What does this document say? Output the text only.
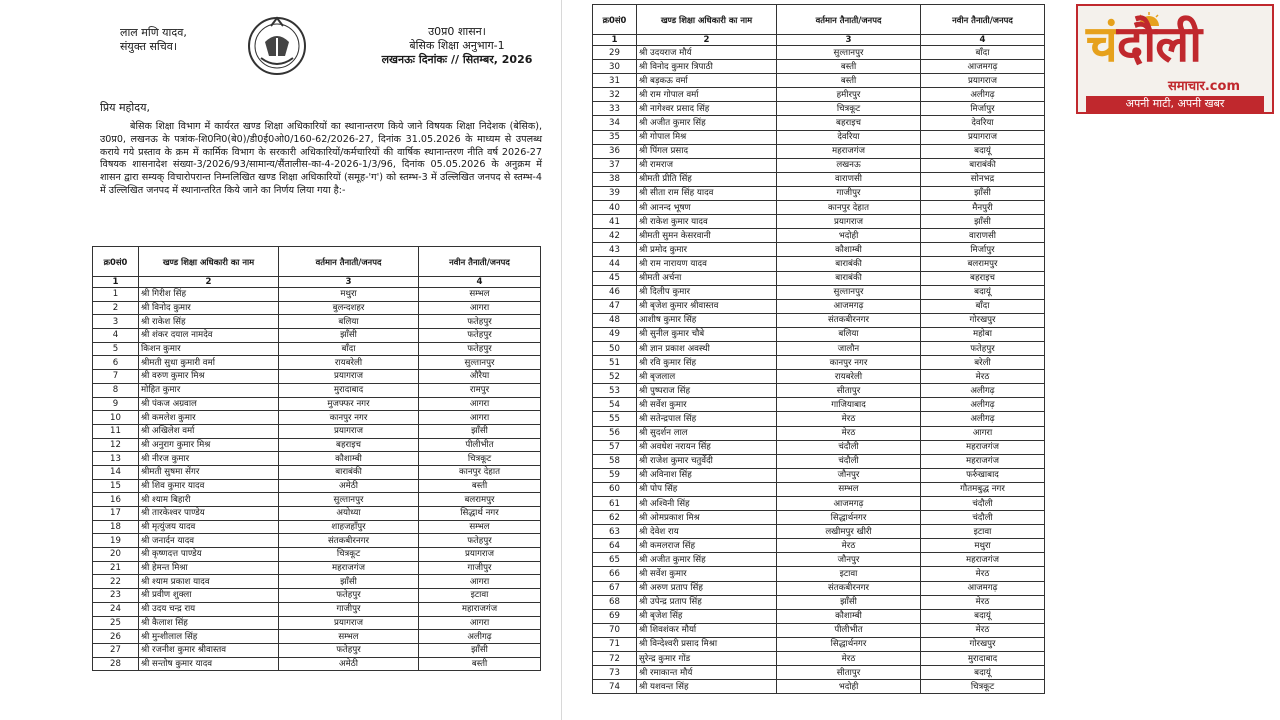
लाल मणि यादव,
संयुक्त सचिव।
उ0प्र0 शासन।
बेसिक शिक्षा अनुभाग-1
लखनऊः दिनांकः // सितम्बर, 2026
प्रिय महोदय,
बेसिक शिक्षा विभाग में कार्यरत खण्ड शिक्षा अधिकारियों का स्थानान्तरण किये जाने विषयक शिक्षा निदेशक (बेसिक), उ0प्र0, लखनऊ के पत्रांक-शि0नि0(बे0)/डी0ई0ओ0/160-62/2026-27, दिनांक 31.05.2026 के माध्यम से उपलब्ध कराये गये प्रस्ताव के क्रम में कार्मिक विभाग के सरकारी अधिकारियों/कर्मचारियों की वार्षिक स्थानान्तरण नीति वर्ष 2026-27 विषयक शासनादेश संख्या-3/2026/93/सामान्य/सैंतालीस-का-4-2026-1/3/96, दिनांक 05.05.2026 के अनुक्रम में शासन द्वारा सम्यक् विचारोपरान्त निम्नलिखित खण्ड शिक्षा अधिकारियों (समूह-'ग') को स्तम्भ-3 में उल्लिखित जनपद से स्तम्भ-4 में उल्लिखित जनपद में स्थानान्तरित किये जाने का निर्णय लिया गया है:-
क्र0सं0	खण्ड शिक्षा अधिकारी का नाम	वर्तमान तैनाती/जनपद	नवीन तैनाती/जनपद
1	2	3	4
1	श्री गिरीश सिंह	मथुरा	सम्भल
2	श्री विनोद कुमार	बुलन्दशहर	आगरा
3	श्री राकेश सिंह	बलिया	फतेहपुर
4	श्री शंकर दयाल नामदेव	झाँसी	फतेहपुर
5	किशन कुमार	बाँदा	फतेहपुर
6	श्रीमती सुधा कुमारी वर्मा	रायबरेली	सुल्तानपुर
7	श्री वरुण कुमार मिश्र	प्रयागराज	औरैया
8	मोहित कुमार	मुरादाबाद	रामपुर
9	श्री पंकज अग्रवाल	मुजफ्फर नगर	आगरा
10	श्री कमलेश कुमार	कानपुर नगर	आगरा
11	श्री अखिलेश वर्मा	प्रयागराज	झाँसी
12	श्री अनुराग कुमार मिश्र	बहराइच	पीलीभीत
13	श्री नीरज कुमार	कौशाम्बी	चित्रकूट
14	श्रीमती सुषमा सेंगर	बाराबंकी	कानपुर देहात
15	श्री शिव कुमार यादव	अमेठी	बस्ती
16	श्री श्याम बिहारी	सुल्तानपुर	बलरामपुर
17	श्री तारकेश्वर पाण्डेय	अयोध्या	सिद्धार्थ नगर
18	श्री मृत्युंजय यादव	शाहजहाँपुर	सम्भल
19	श्री जनार्दन यादव	संतकबीरनगर	फतेहपुर
20	श्री कृष्णदत्त पाण्डेय	चित्रकूट	प्रयागराज
21	श्री हेमन्त मिश्रा	महराजगंज	गाजीपुर
22	श्री श्याम प्रकाश यादव	झाँसी	आगरा
23	श्री प्रवीण शुक्ला	फतेहपुर	इटावा
24	श्री उदय चन्द्र राय	गाजीपुर	महाराजगंज
25	श्री कैलाश सिंह	प्रयागराज	आगरा
26	श्री मुन्शीलाल सिंह	सम्भल	अलीगढ़
27	श्री रजनीश कुमार श्रीवास्तव	फतेहपुर	झाँसी
28	श्री सन्तोष कुमार यादव	अमेठी	बस्ती
क्र0सं0	खण्ड शिक्षा अधिकारी का नाम	वर्तमान तैनाती/जनपद	नवीन तैनाती/जनपद
1	2	3	4
29	श्री उदयराज मौर्य	सुल्तानपुर	बाँदा
30	श्री विनोद कुमार त्रिपाठी	बस्ती	आजमगढ़
31	श्री बड़कऊ वर्मा	बस्ती	प्रयागराज
32	श्री राम गोपाल वर्मा	हमीरपुर	अलीगढ़
33	श्री नागेश्वर प्रसाद सिंह	चित्रकूट	मिर्जापुर
34	श्री अजीत कुमार सिंह	बहराइच	देवरिया
35	श्री गोपाल मिश्र	देवरिया	प्रयागराज
36	श्री पिंगल प्रसाद	महराजगंज	बदायूं
37	श्री रामराज	लखनऊ	बाराबंकी
38	श्रीमती प्रीति सिंह	वाराणसी	सोनभद्र
39	श्री सीता राम सिंह यादव	गाजीपुर	झाँसी
40	श्री आनन्द भूषण	कानपुर देहात	मैनपुरी
41	श्री राकेश कुमार यादव	प्रयागराज	झाँसी
42	श्रीमती सुमन केसरवानी	भदोही	वाराणसी
43	श्री प्रमोद कुमार	कौशाम्बी	मिर्जापुर
44	श्री राम नारायण यादव	बाराबंकी	बलरामपुर
45	श्रीमती अर्चना	बाराबंकी	बहराइच
46	श्री दिलीप कुमार	सुल्तानपुर	बदायूं
47	श्री बृजेश कुमार श्रीवास्तव	आजमगढ़	बाँदा
48	आशीष कुमार सिंह	संतकबीरनगर	गोरखपुर
49	श्री सुनील कुमार चौबे	बलिया	महोबा
50	श्री ज्ञान प्रकाश अवस्थी	जालौन	फतेहपुर
51	श्री रवि कुमार सिंह	कानपुर नगर	बरेली
52	श्री बृजलाल	रायबरेली	मेरठ
53	श्री पुष्पराज सिंह	सीतापुर	अलीगढ़
54	श्री सर्वेश कुमार	गाजियाबाद	अलीगढ़
55	श्री सतेन्द्रपाल सिंह	मेरठ	अलीगढ़
56	श्री सुदर्शन लाल	मेरठ	आगरा
57	श्री अवधेश नरायन सिंह	चंदौली	महराजगंज
58	श्री राजेश कुमार चतुर्वेदी	चंदौली	महराजगंज
59	श्री अविनाश सिंह	जौनपुर	फर्रुखाबाद
60	श्री पोप सिंह	सम्भल	गौतमबुद्ध नगर
61	श्री अश्विनी सिंह	आजमगढ़	चंदौली
62	श्री ओमप्रकाश मिश्र	सिद्धार्थनगर	चंदौली
63	श्री देवेश राय	लखीमपुर खीरी	इटावा
64	श्री कमलराज सिंह	मेरठ	मथुरा
65	श्री अजीत कुमार सिंह	जौनपुर	महराजगंज
66	श्री सर्वेश कुमार	इटावा	मेरठ
67	श्री अरुण प्रताप सिंह	संतकबीरनगर	आजमगढ़
68	श्री उपेन्द्र प्रताप सिंह	झाँसी	मेरठ
69	श्री बृजेश सिंह	कौशाम्बी	बदायूं
70	श्री शिवशंकर मौर्या	पीलीभीत	मेरठ
71	श्री विन्देश्वरी प्रसाद मिश्रा	सिद्धार्थनगर	गोरखपुर
72	सुरेन्द्र कुमार गोंड	मेरठ	मुरादाबाद
73	श्री रमाकान्त मौर्य	सीतापुर	बदायूं
74	श्री यशवन्त सिंह	भदोही	चित्रकूट
चंदौली
समाचार.com
अपनी माटी, अपनी खबर
